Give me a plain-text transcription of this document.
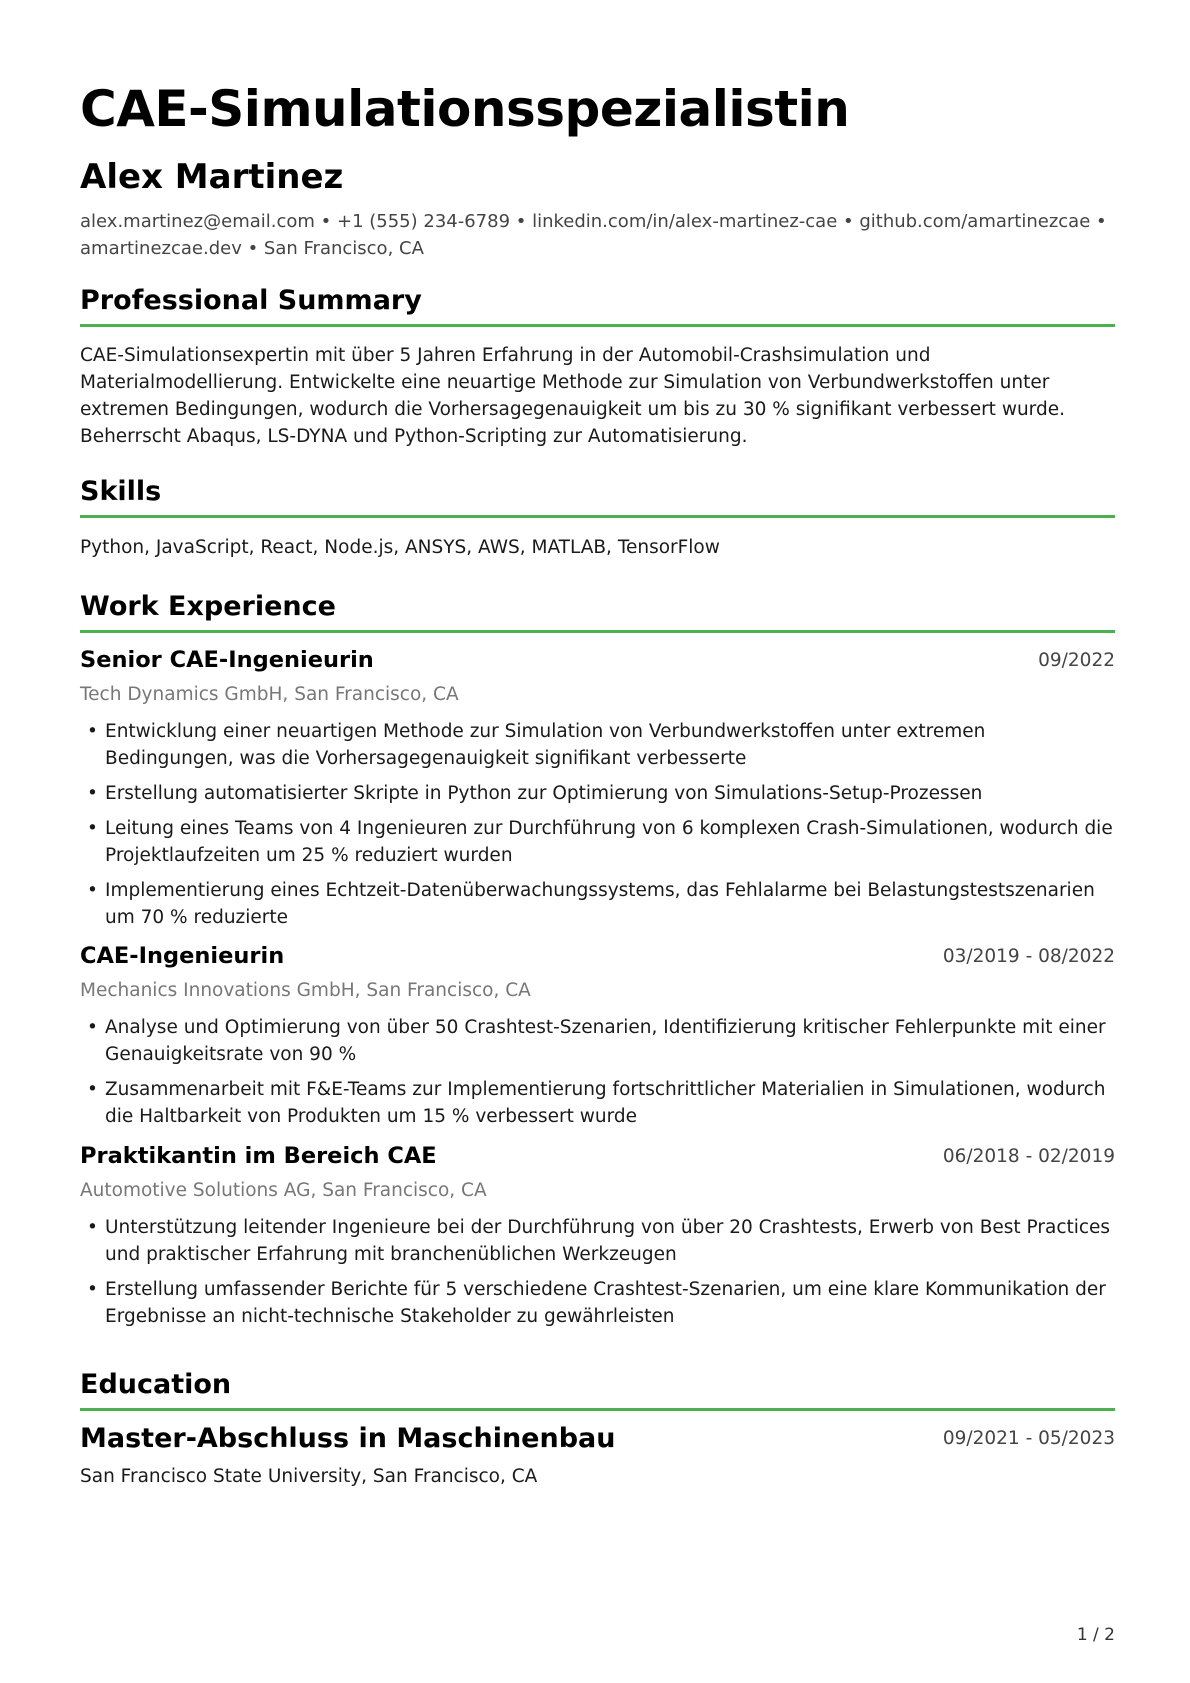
CAE-Simulationsspezialistin
Alex Martinez
alex.martinez@email.com • +1 (555) 234-6789 • linkedin.com/in/alex-martinez-cae • github.com/amartinezcae • amartinezcae.dev • San Francisco, CA
Professional Summary

CAE-Simulationsexpertin mit über 5 Jahren Erfahrung in der Automobil-Crashsimulation und Materialmodellierung. Entwickelte eine neuartige Methode zur Simulation von Verbundwerkstoffen unter extremen Bedingungen, wodurch die Vorhersagegenauigkeit um bis zu 30 % signifikant verbessert wurde. Beherrscht Abaqus, LS-DYNA und Python-Scripting zur Automatisierung.

Skills

Python, JavaScript, React, Node.js, ANSYS, AWS, MATLAB, TensorFlow

Work Experience
Senior CAE-Ingenieurin	09/2022
Tech Dynamics GmbH, San Francisco, CA
• Entwicklung einer neuartigen Methode zur Simulation von Verbundwerkstoffen unter extremen Bedingungen, was die Vorhersagegenauigkeit signifikant verbesserte
• Erstellung automatisierter Skripte in Python zur Optimierung von Simulations-Setup-Prozessen
• Leitung eines Teams von 4 Ingenieuren zur Durchführung von 6 komplexen Crash-Simulationen, wodurch die Projektlaufzeiten um 25 % reduziert wurden
• Implementierung eines Echtzeit-Datenüberwachungssystems, das Fehlalarme bei Belastungstestszenarien um 70 % reduzierte
CAE-Ingenieurin	03/2019 - 08/2022
Mechanics Innovations GmbH, San Francisco, CA
• Analyse und Optimierung von über 50 Crashtest-Szenarien, Identifizierung kritischer Fehlerpunkte mit einer Genauigkeitsrate von 90 %
• Zusammenarbeit mit F&E-Teams zur Implementierung fortschrittlicher Materialien in Simulationen, wodurch die Haltbarkeit von Produkten um 15 % verbessert wurde
Praktikantin im Bereich CAE	06/2018 - 02/2019
Automotive Solutions AG, San Francisco, CA
• Unterstützung leitender Ingenieure bei der Durchführung von über 20 Crashtests, Erwerb von Best Practices und praktischer Erfahrung mit branchenüblichen Werkzeugen
• Erstellung umfassender Berichte für 5 verschiedene Crashtest-Szenarien, um eine klare Kommunikation der Ergebnisse an nicht-technische Stakeholder zu gewährleisten
Education
Master-Abschluss in Maschinenbau	09/2021 - 05/2023
San Francisco State University, San Francisco, CA
1 / 2
